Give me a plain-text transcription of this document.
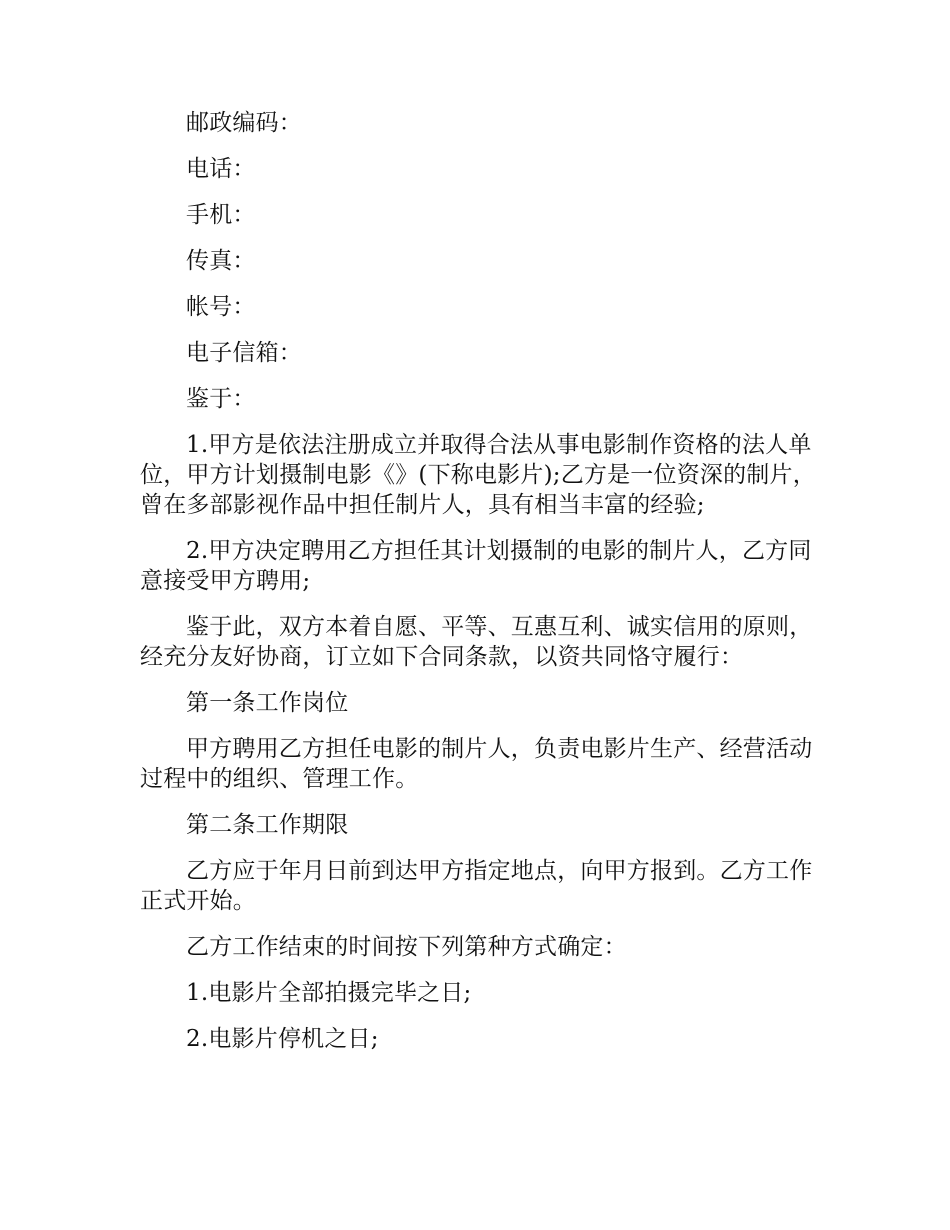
邮政编码：

电话：

手机：

传真：

帐号：

电子信箱：

鉴于：

1.甲方是依法注册成立并取得合法从事电影制作资格的法人单位，甲方计划摄制电影《》(下称电影片);乙方是一位资深的制片，曾在多部影视作品中担任制片人，具有相当丰富的经验;

2.甲方决定聘用乙方担任其计划摄制的电影的制片人，乙方同意接受甲方聘用;

鉴于此，双方本着自愿、平等、互惠互利、诚实信用的原则，经充分友好协商，订立如下合同条款，以资共同恪守履行：

第一条工作岗位

甲方聘用乙方担任电影的制片人，负责电影片生产、经营活动过程中的组织、管理工作。

第二条工作期限

乙方应于年月日前到达甲方指定地点，向甲方报到。乙方工作正式开始。

乙方工作结束的时间按下列第种方式确定：

1.电影片全部拍摄完毕之日;

2.电影片停机之日;
